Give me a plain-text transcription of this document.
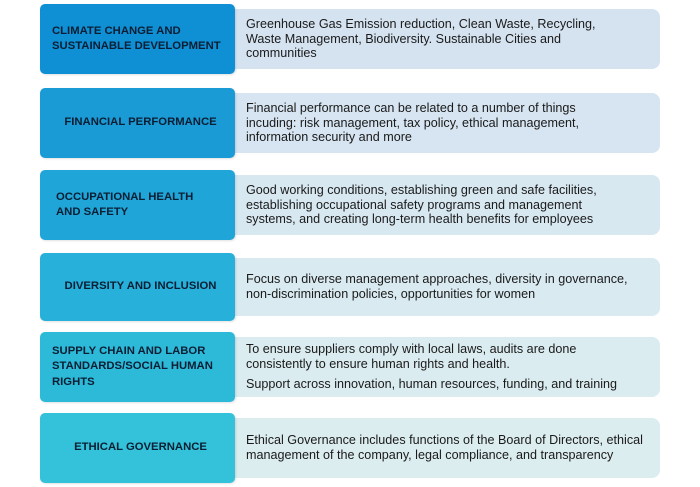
Greenhouse Gas Emission reduction, Clean Waste, Recycling, Waste Management, Biodiversity. Sustainable Cities and communities
CLIMATE CHANGE AND SUSTAINABLE DEVELOPMENT
Financial performance can be related to a number of things incuding: risk management, tax policy, ethical management, information security and more
FINANCIAL PERFORMANCE
Good working conditions, establishing green and safe facilities, establishing occupational safety programs and management systems, and creating long-term health benefits for employees
OCCUPATIONAL HEALTH AND SAFETY
Focus on diverse management approaches, diversity in governance, non-discrimination policies, opportunities for women
DIVERSITY AND INCLUSION
To ensure suppliers comply with local laws, audits are done consistently to ensure human rights and health.
Support across innovation, human resources, funding, and training
SUPPLY CHAIN AND LABOR STANDARDS/SOCIAL HUMAN RIGHTS
Ethical Governance includes functions of the Board of Directors, ethical management of the company, legal compliance, and transparency
ETHICAL GOVERNANCE
